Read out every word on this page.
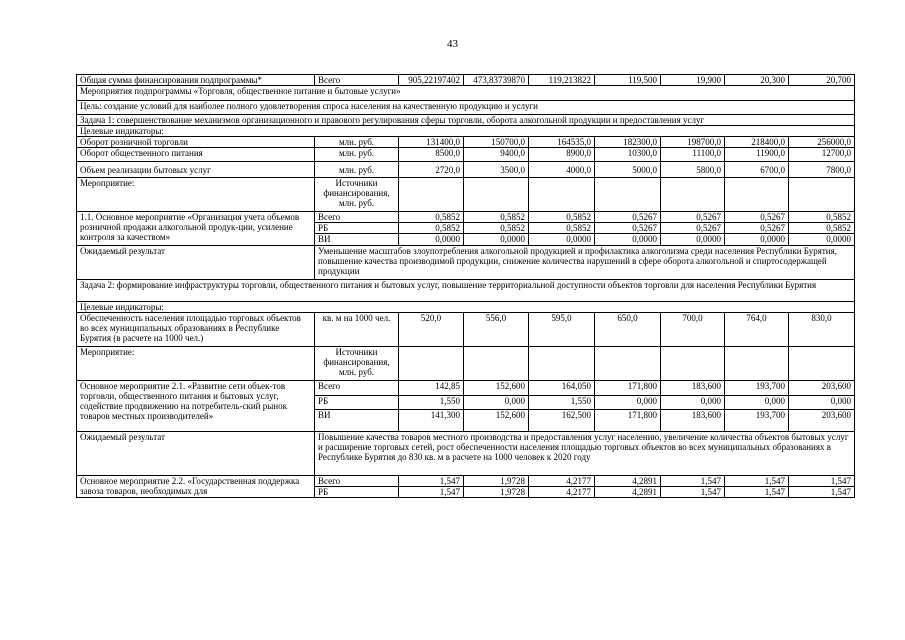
43
Общая сумма финансирования подпрограммы*	Всего	905,22197402	473,83739870	119,213822	119,500	19,900	20,300	20,700
Мероприятия подпрограммы «Торговля, общественное питание и бытовые услуги»								
Цель: создание условий для наиболее полного удовлетворения спроса населения на качественную продукцию и услуги								
Задача 1: совершенствование механизмов организационного и правового регулирования сферы торговли, оборота алкогольной продукции и предоставления услуг								
Целевые индикаторы:								
Оборот розничной торговли	млн. руб.	131400,0	150700,0	164535,0	182300,0	198700,0	218400,0	256000,0
Оборот общественного питания	млн. руб.	8500,0	9400,0	8900,0	10300,0	11100,0	11900,0	12700,0
Объем реализации бытовых услуг	млн. руб.	2720,0	3500,0	4000,0	5000,0	5800,0	6700,0	7800,0
Мероприятие:	Источники финансирования, млн. руб.							
1.1. Основное мероприятие «Организация учета объемов розничной продажи алкогольной продук-ции, усиление контроля за качеством»	Всего	0,5852	0,5852	0,5852	0,5267	0,5267	0,5267	0,5852
	РБ	0,5852	0,5852	0,5852	0,5267	0,5267	0,5267	0,5852
	ВИ	0,0000	0,0000	0,0000	0,0000	0,0000	0,0000	0,0000
Ожидаемый результат	Уменьшение масштабов злоупотребления алкогольной продукцией и профилактика алкоголизма среди населения Республики Бурятия, повышение качества производимой продукции, снижение количества нарушений в сфере оборота алкогольной и спиртосодержащей продукции							
Задача 2: формирование инфраструктуры торговли, общественного питания и бытовых услуг, повышение территориальной доступности объектов торговли для населения Республики Бурятия								
Целевые индикаторы:								
Обеспеченность населения площадью торговых объектов во всех муниципальных образованиях в Республике Бурятия (в расчете на 1000 чел.)	кв. м на 1000 чел.	520,0	556,0	595,0	650,0	700,0	764,0	830,0
Мероприятие:	Источники финансирования, млн. руб.							
Основное мероприятие 2.1. «Развитие сети объек-тов торговли, общественного питания и бытовых услуг, содействие продвижению на потребитель-ский рынок товаров местных производителей»	Всего	142,85	152,600	164,050	171,800	183,600	193,700	203,600
	РБ	1,550	0,000	1,550	0,000	0,000	0,000	0,000
	ВИ	141,300	152,600	162,500	171,800	183,600	193,700	203,600
Ожидаемый результат	Повышение качества товаров местного производства и предоставления услуг населению, увеличение количества объектов бытовых услуг и расширение торговых сетей, рост обеспеченности населения площадью торговых объектов во всех муниципальных образованиях в Республике Бурятия до 830 кв. м в расчете на 1000 человек к 2020 году							
Основное мероприятие 2.2. «Государственная поддержка завоза товаров, необходимых для	Всего	1,547	1,9728	4,2177	4,2891	1,547	1,547	1,547
	РБ	1,547	1,9728	4,2177	4,2891	1,547	1,547	1,547
